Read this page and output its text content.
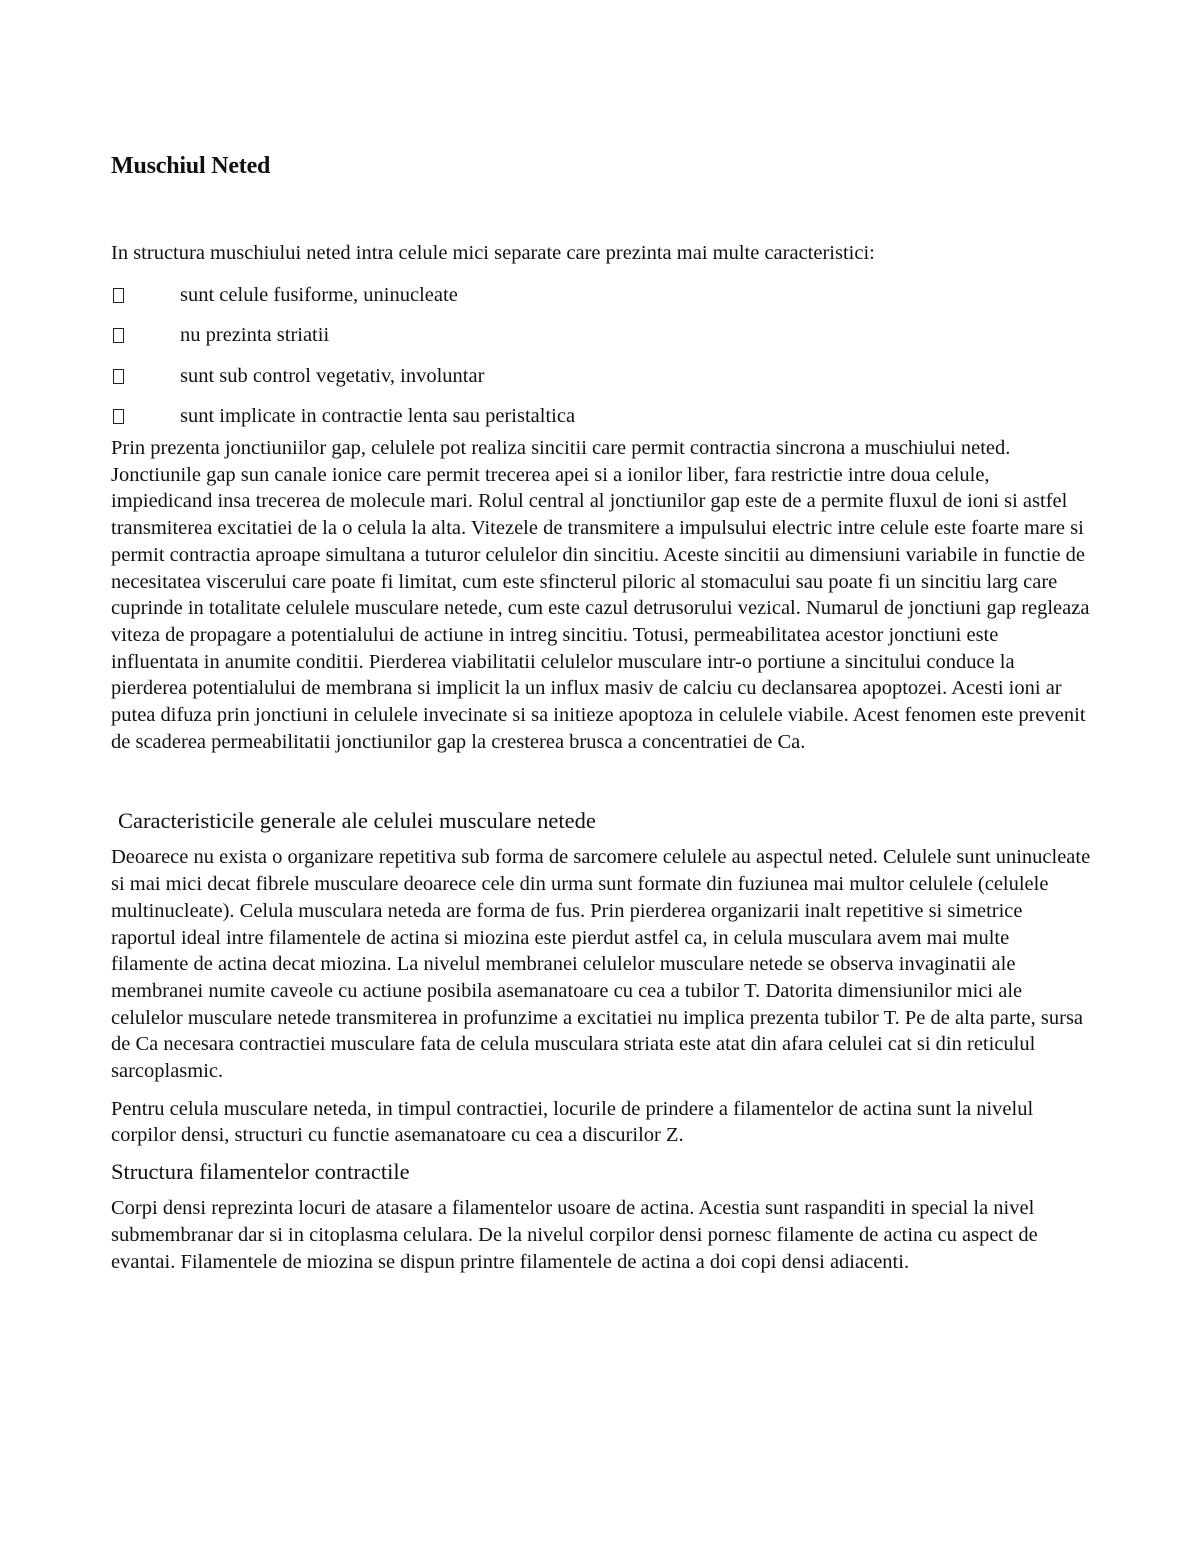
Muschiul Neted

In structura muschiului neted intra celule mici separate care prezinta mai multe caracteristici:

sunt celule fusiforme, uninucleate
nu prezinta striatii
sunt sub control vegetativ, involuntar
sunt implicate in contractie lenta sau peristaltica

Prin prezenta jonctiuniilor gap, celulele pot realiza sincitii care permit contractia sincrona a muschiului neted. Jonctiunile gap sun canale ionice care permit trecerea apei si a ionilor liber, fara restrictie intre doua celule, impiedicand insa trecerea de molecule mari. Rolul central al jonctiunilor gap este de a permite fluxul de ioni si astfel transmiterea excitatiei de la o celula la alta. Vitezele de transmitere a impulsului electric intre celule este foarte mare si permit contractia aproape simultana a tuturor celulelor din sincitiu. Aceste sincitii au dimensiuni variabile in functie de necesitatea viscerului care poate fi limitat, cum este sfincterul piloric al stomacului sau poate fi un sincitiu larg care cuprinde in totalitate celulele musculare netede, cum este cazul detrusorului vezical. Numarul de jonctiuni gap regleaza viteza de propagare a potentialului de actiune in intreg sincitiu. Totusi, permeabilitatea acestor jonctiuni este influentata in anumite conditii. Pierderea viabilitatii celulelor musculare intr-o portiune a sincitului conduce la pierderea potentialului de membrana si implicit la un influx masiv de calciu cu declansarea apoptozei. Acesti ioni ar putea difuza prin jonctiuni in celulele invecinate si sa initieze apoptoza in celulele viabile. Acest fenomen este prevenit de scaderea permeabilitatii jonctiunilor gap la cresterea brusca a concentratiei de Ca.

Caracteristicile generale ale celulei musculare netede

Deoarece nu exista o organizare repetitiva sub forma de sarcomere celulele au aspectul neted. Celulele sunt uninucleate si mai mici decat fibrele musculare deoarece cele din urma sunt formate din fuziunea mai multor celulele (celulele multinucleate). Celula musculara neteda are forma de fus. Prin pierderea organizarii inalt repetitive si simetrice raportul ideal intre filamentele de actina si miozina este pierdut astfel ca, in celula musculara avem mai multe filamente de actina decat miozina. La nivelul membranei celulelor musculare netede se observa invaginatii ale membranei numite caveole cu actiune posibila asemanatoare cu cea a tubilor T. Datorita dimensiunilor mici ale celulelor musculare netede transmiterea in profunzime a excitatiei nu implica prezenta tubilor T. Pe de alta parte, sursa de Ca necesara contractiei musculare fata de celula musculara striata este atat din afara celulei cat si din reticulul sarcoplasmic.

Pentru celula musculare neteda, in timpul contractiei, locurile de prindere a filamentelor de actina sunt la nivelul corpilor densi, structuri cu functie asemanatoare cu cea a discurilor Z.

Structura filamentelor contractile

Corpi densi reprezinta locuri de atasare a filamentelor usoare de actina. Acestia sunt raspanditi in special la nivel submembranar dar si in citoplasma celulara. De la nivelul corpilor densi pornesc filamente de actina cu aspect de evantai. Filamentele de miozina se dispun printre filamentele de actina a doi copi densi adiacenti.
